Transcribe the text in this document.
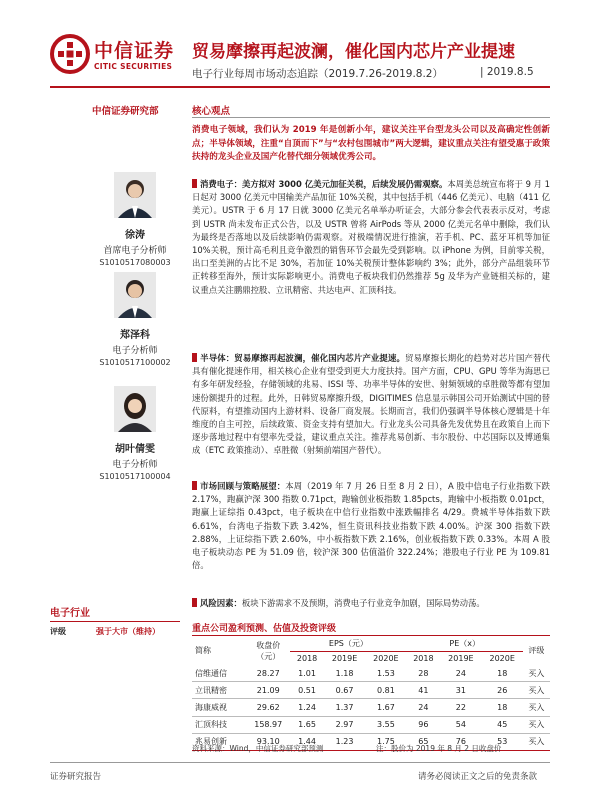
中信证券
CITIC SECURITIES
贸易摩擦再起波澜，催化国内芯片产业提速
电子行业每周市场动态追踪（2019.7.26-2019.8.2）	| 2019.8.5
中信证券研究部
徐涛
首席电子分析师
S1010517080003
郑泽科
电子分析师
S1010517100002
胡叶倩雯
电子分析师
S1010517100004
电子行业
评级	强于大市（维持）
核心观点
消费电子领域，我们认为 2019 年是创新小年，建议关注平台型龙头公司以及高确定性创新点；半导体领域，注重“自顶而下”与“农村包围城市”两大逻辑，建议重点关注有望受惠于政策扶持的龙头企业及国产化替代细分领域优秀公司。
消费电子：美方拟对 3000 亿美元加征关税，后续发展仍需观察。本周美总统宣布将于 9 月 1 日起对 3000 亿美元中国输美产品加征 10%关税，其中包括手机（446 亿美元）、电脑（411 亿美元）。USTR 于 6 月 17 日就 3000 亿美元名单举办听证会，大部分参会代表表示反对，考虑到 USTR 尚未发布正式公告，以及 USTR 曾将 AirPods 等从 2000 亿美元名单中删除，我们认为最终是否落地以及后续影响仍需观察。对极端情况进行推演，若手机、PC、蓝牙耳机等加征 10%关税，预计高毛利且竞争激烈的销售环节会最先受到影响。以 iPhone 为例，目前零关税，出口至美洲的占比不足 30%，若加征 10%关税预计整体影响约 3%；此外，部分产品组装环节正转移至海外，预计实际影响更小。消费电子板块我们仍然推荐 5g 及华为产业链相关标的，建议重点关注鹏鼎控股、立讯精密、共达电声、汇顶科技。
半导体：贸易摩擦再起波澜，催化国内芯片产业提速。贸易摩擦长期化的趋势对芯片国产替代具有催化提速作用，相关核心企业有望受到更大力度扶持。国产方面，CPU、GPU 等华为海思已有多年研发经验，存储领域的兆易、ISSI 等、功率半导体的安世、射频领域的卓胜微等都有望加速份额提升的过程。此外，日韩贸易摩擦升级，DIGITIMES 信息显示韩国公司开始测试中国的替代原料，有望推动国内上游材料、设备厂商发展。长期而言，我们仍强调半导体核心逻辑是十年维度的自主可控，后续政策、资金支持有望加大。行业龙头公司具备先发优势且在政策自上而下逐步落地过程中有望率先受益，建议重点关注。推荐兆易创新、韦尔股份、中芯国际以及博通集成（ETC 政策推动）、卓胜微（射频前端国产替代）。
市场回顾与策略展望：本周（2019 年 7 月 26 日至 8 月 2 日），A 股中信电子行业指数下跌 2.17%，跑赢沪深 300 指数 0.71pct，跑输创业板指数 1.85pcts，跑输中小板指数 0.01pct，跑赢上证综指 0.43pct，电子板块在中信行业指数中涨跌幅排名 4/29。费城半导体指数下跌 6.61%，台湾电子指数下跌 3.42%，恒生资讯科技业指数下跌 4.00%。沪深 300 指数下跌 2.88%，上证综指下跌 2.60%，中小板指数下跌 2.16%，创业板指数下跌 0.33%。本周 A 股电子板块动态 PE 为 51.09 倍，较沪深 300 估值溢价 322.24%；港股电子行业 PE 为 109.81 倍。
风险因素：板块下游需求不及预期，消费电子行业竞争加剧，国际局势动荡。
重点公司盈利预测、估值及投资评级
简称	收盘价（元）	EPS（元）			PE（x）			评级
		2018	2019E	2020E	2018	2019E	2020E	
信维通信	28.27	1.01	1.18	1.53	28	24	18	买入
立讯精密	21.09	0.51	0.67	0.81	41	31	26	买入
海康威视	29.62	1.24	1.37	1.67	24	22	18	买入
汇顶科技	158.97	1.65	2.97	3.55	96	54	45	买入
兆易创新	93.10	1.44	1.23	1.75	65	76	53	买入
资料来源：Wind，中信证券研究部预测	注：股价为 2019 年 8 月 2 日收盘价
证券研究报告	请务必阅读正文之后的免责条款
